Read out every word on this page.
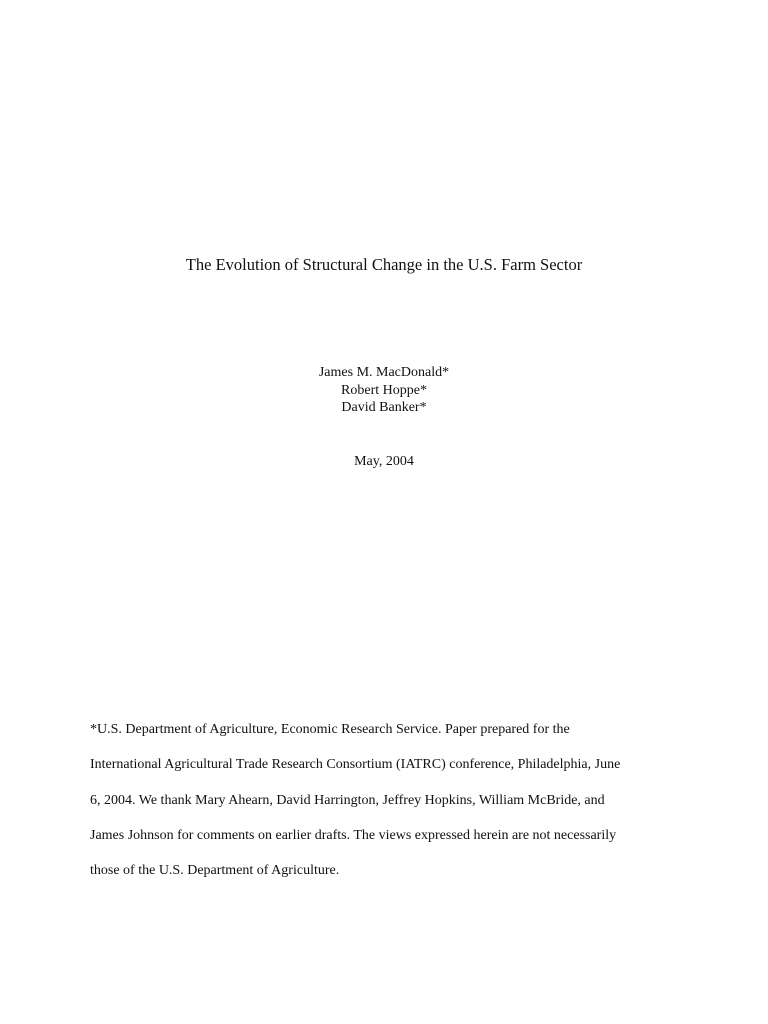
The Evolution of Structural Change in the U.S. Farm Sector
James M. MacDonald*
Robert Hoppe*
David Banker*
May, 2004
*U.S. Department of Agriculture, Economic Research Service. Paper prepared for the
International Agricultural Trade Research Consortium (IATRC) conference, Philadelphia, June
6, 2004. We thank Mary Ahearn, David Harrington, Jeffrey Hopkins, William McBride, and
James Johnson for comments on earlier drafts. The views expressed herein are not necessarily
those of the U.S. Department of Agriculture.
